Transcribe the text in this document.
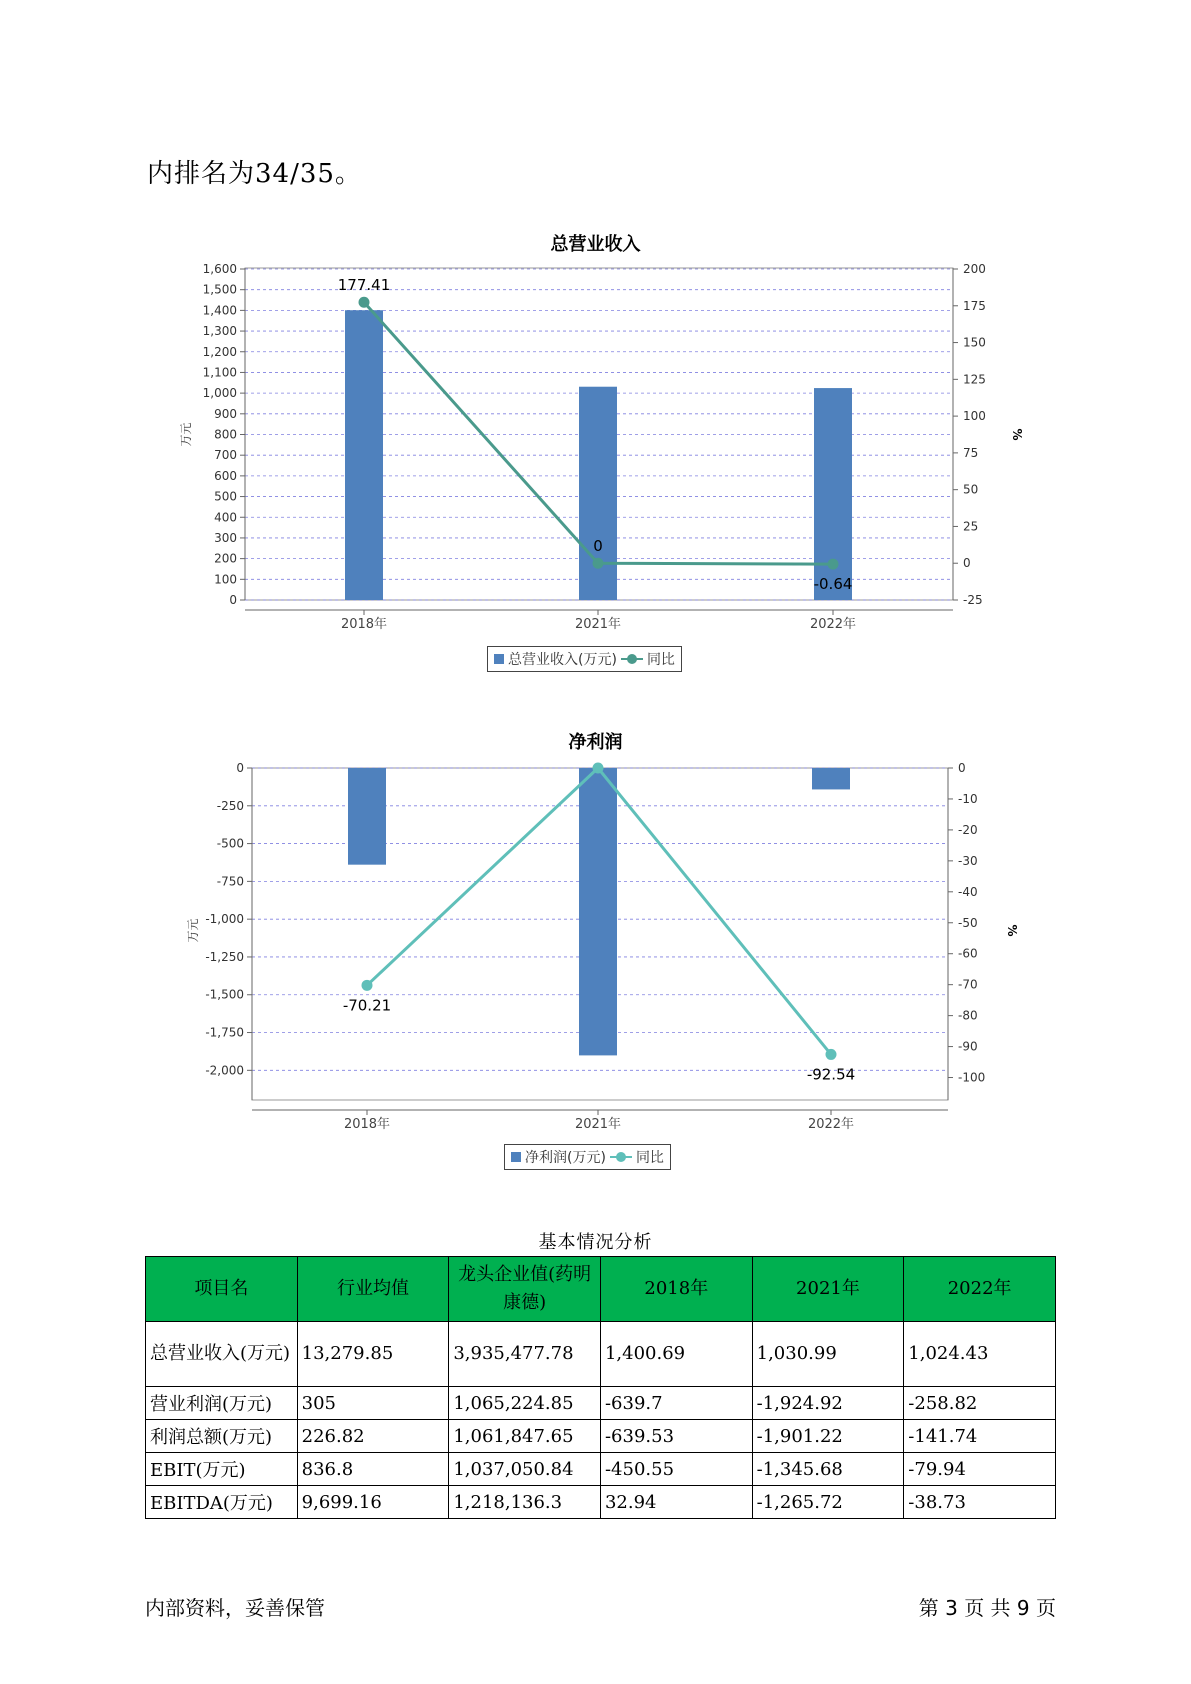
内排名为34/35。
总营业收入
0
100
200
300
400
500
600
700
800
900
1,000
1,100
1,200
1,300
1,400
1,500
1,600
-25
0
25
50
75
100
125
150
175
200
万元	%
2018年	2021年	2022年
177.41
0
-0.64
总营业收入(万元) 同比
净利润
0
-250
-500
-750
-1,000
-1,250
-1,500
-1,750
-2,000
0
-10
-20
-30
-40
-50
-60
-70
-80
-90
-100
万元	%
2018年	2021年	2022年
-70.21
-92.54
净利润(万元) 同比
基本情况分析
项目名	行业均值	龙头企业值(药明康德)	2018年	2021年	2022年
总营业收入(万元)	13,279.85	3,935,477.78	1,400.69	1,030.99	1,024.43
营业利润(万元)	305	1,065,224.85	-639.7	-1,924.92	-258.82
利润总额(万元)	226.82	1,061,847.65	-639.53	-1,901.22	-141.74
EBIT(万元)	836.8	1,037,050.84	-450.55	-1,345.68	-79.94
EBITDA(万元)	9,699.16	1,218,136.3	32.94	-1,265.72	-38.73
内部资料，妥善保管	第 3 页 共 9 页
